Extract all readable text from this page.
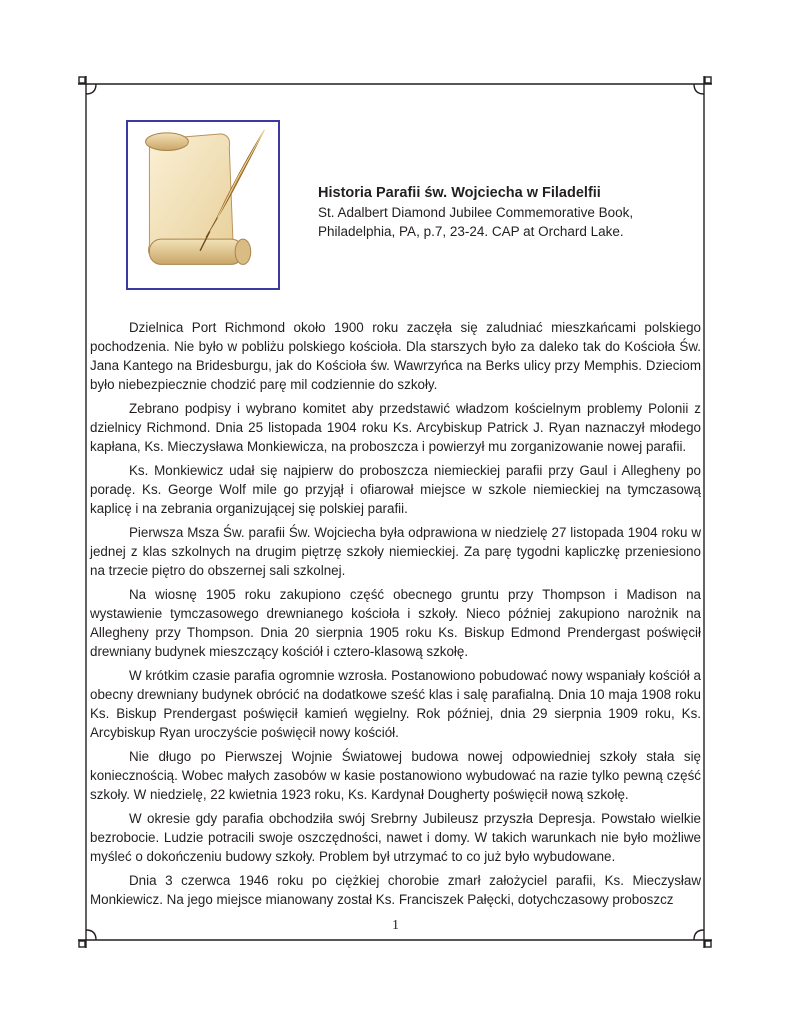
Historia Parafii św. Wojciecha w Filadelfii

St. Adalbert Diamond Jubilee Commemorative Book,

Philadelphia, PA, p.7, 23-24. CAP at Orchard Lake.

Dzielnica Port Richmond około 1900 roku zaczęła się zaludniać mieszkańcami polskiego pochodzenia. Nie było w pobliżu polskiego kościoła. Dla starszych było za daleko tak do Kościoła Św. Jana Kantego na Bridesburgu, jak do Kościoła św. Wawrzyńca na Berks ulicy przy Memphis. Dzieciom było niebezpiecznie chodzić parę mil codziennie do szkoły.

Zebrano podpisy i wybrano komitet aby przedstawić władzom kościelnym problemy Polonii z dzielnicy Richmond. Dnia 25 listopada 1904 roku Ks. Arcybiskup Patrick J. Ryan naznaczył młodego kapłana, Ks. Mieczysława Monkiewicza, na proboszcza i powierzył mu zorganizowanie nowej parafii.

Ks. Monkiewicz udał się najpierw do proboszcza niemieckiej parafii przy Gaul i Allegheny po poradę. Ks. George Wolf mile go przyjął i ofiarował miejsce w szkole niemieckiej na tymczasową kaplicę i na zebrania organizującej się polskiej parafii.

Pierwsza Msza Św. parafii Św. Wojciecha była odprawiona w niedzielę 27 listopada 1904 roku w jednej z klas szkolnych na drugim piętrzę szkoły niemieckiej. Za parę tygodni kapliczkę przeniesiono na trzecie piętro do obszernej sali szkolnej.

Na wiosnę 1905 roku zakupiono część obecnego gruntu przy Thompson i Madison na wystawienie tymczasowego drewnianego kościoła i szkoły. Nieco później zakupiono narożnik na Allegheny przy Thompson. Dnia 20 sierpnia 1905 roku Ks. Biskup Edmond Prendergast poświęcił drewniany budynek mieszczący kościół i cztero-klasową szkołę.

W krótkim czasie parafia ogromnie wzrosła. Postanowiono pobudować nowy wspaniały kościół a obecny drewniany budynek obrócić na dodatkowe sześć klas i salę parafialną. Dnia 10 maja 1908 roku Ks. Biskup Prendergast poświęcił kamień węgielny. Rok później, dnia 29 sierpnia 1909 roku, Ks. Arcybiskup Ryan uroczyście poświęcił nowy kościół.

Nie długo po Pierwszej Wojnie Światowej budowa nowej odpowiedniej szkoły stała się koniecznością. Wobec małych zasobów w kasie postanowiono wybudować na razie tylko pewną część szkoły. W niedzielę, 22 kwietnia 1923 roku, Ks. Kardynał Dougherty poświęcił nową szkołę.

W okresie gdy parafia obchodziła swój Srebrny Jubileusz przyszła Depresja. Powstało wielkie bezrobocie. Ludzie potracili swoje oszczędności, nawet i domy. W takich warunkach nie było możliwe myśleć o dokończeniu budowy szkoły. Problem był utrzymać to co już było wybudowane.

Dnia 3 czerwca 1946 roku po ciężkiej chorobie zmarł założyciel parafii, Ks. Mieczysław Monkiewicz. Na jego miejsce mianowany został Ks. Franciszek Pałęcki, dotychczasowy proboszcz

1
